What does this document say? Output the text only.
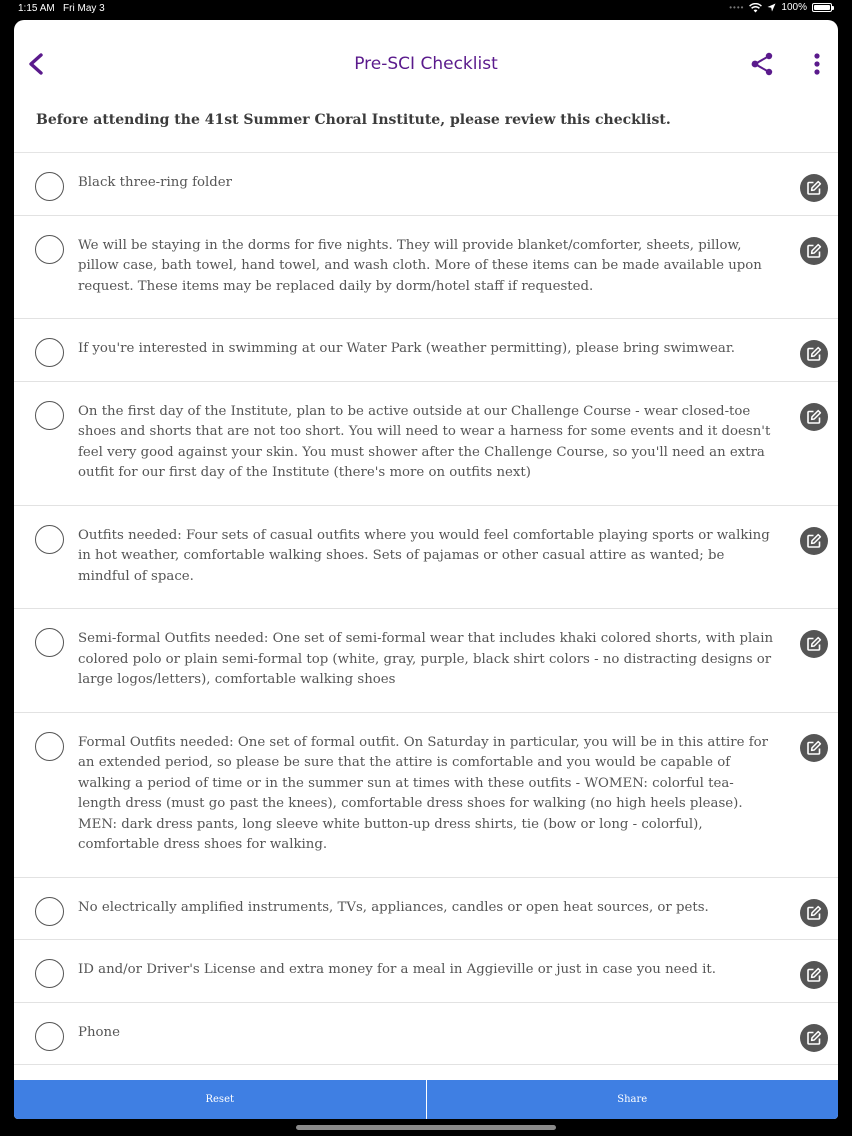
1:15 AM Fri May 3	••••	100%
Pre-SCI Checklist
Before attending the 41st Summer Choral Institute, please review this checklist.
Black three-ring folder
We will be staying in the dorms for five nights. They will provide blanket/comforter, sheets, pillow, pillow case, bath towel, hand towel, and wash cloth. More of these items can be made available upon request. These items may be replaced daily by dorm/hotel staff if requested.
If you're interested in swimming at our Water Park (weather permitting), please bring swimwear.
On the first day of the Institute, plan to be active outside at our Challenge Course - wear closed-toe shoes and shorts that are not too short. You will need to wear a harness for some events and it doesn't feel very good against your skin. You must shower after the Challenge Course, so you'll need an extra outfit for our first day of the Institute (there's more on outfits next)
Outfits needed: Four sets of casual outfits where you would feel comfortable playing sports or walking in hot weather, comfortable walking shoes. Sets of pajamas or other casual attire as wanted; be mindful of space.
Semi-formal Outfits needed: One set of semi-formal wear that includes khaki colored shorts, with plain colored polo or plain semi-formal top (white, gray, purple, black shirt colors - no distracting designs or large logos/letters), comfortable walking shoes
Formal Outfits needed: One set of formal outfit. On Saturday in particular, you will be in this attire for an extended period, so please be sure that the attire is comfortable and you would be capable of walking a period of time or in the summer sun at times with these outfits - WOMEN: colorful tea-length dress (must go past the knees), comfortable dress shoes for walking (no high heels please). MEN: dark dress pants, long sleeve white button-up dress shirts, tie (bow or long - colorful), comfortable dress shoes for walking.
No electrically amplified instruments, TVs, appliances, candles or open heat sources, or pets.
ID and/or Driver's License and extra money for a meal in Aggieville or just in case you need it.
Phone
Reset	Share
